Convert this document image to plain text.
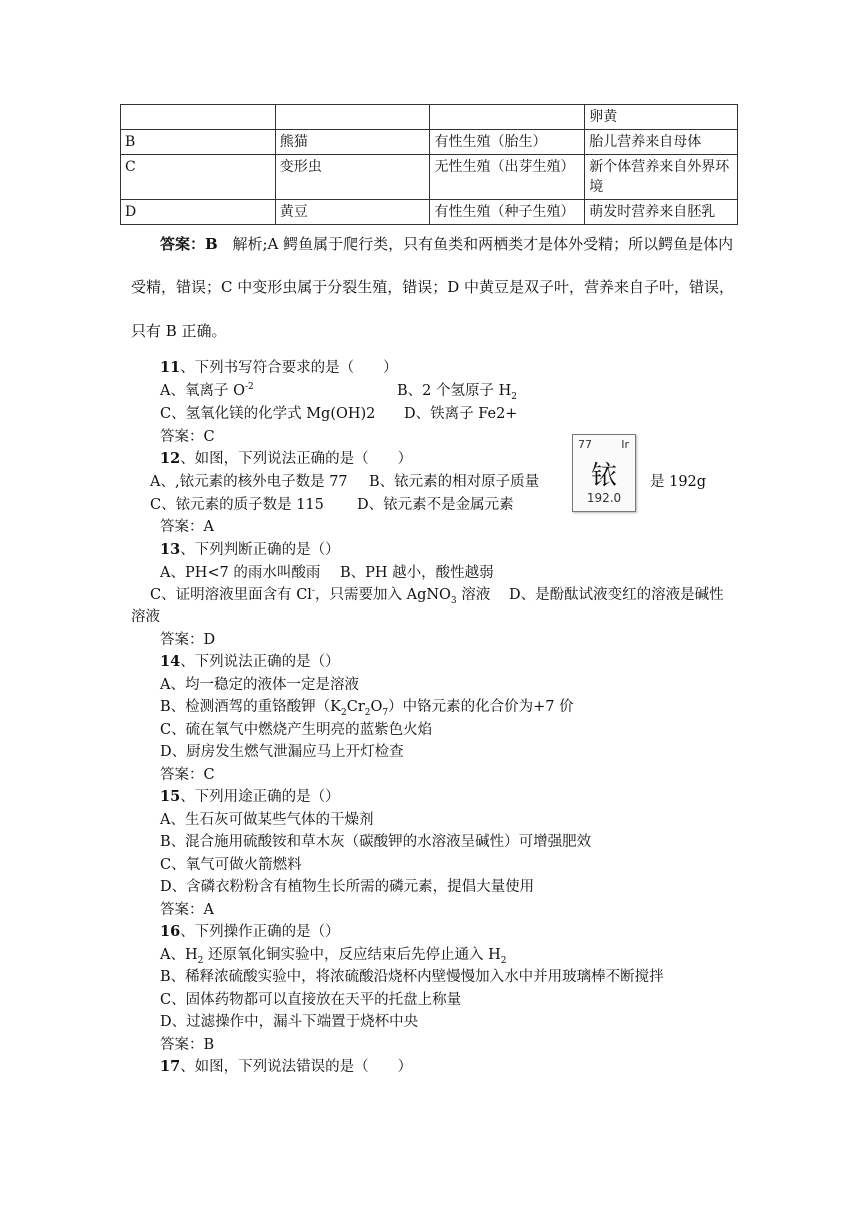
			卵黄
B	熊猫	有性生殖（胎生）	胎儿营养来自母体
C	变形虫	无性生殖（出芽生殖）	新个体营养来自外界环境
D	黄豆	有性生殖（种子生殖）	萌发时营养来自胚乳
答案：B 解析;A 鳄鱼属于爬行类，只有鱼类和两栖类才是体外受精；所以鳄鱼是体内
受精，错误；C 中变形虫属于分裂生殖，错误；D 中黄豆是双子叶，营养来自子叶，错误，
只有 B 正确。
11、下列书写符合要求的是（　　）
A、氧离子 $O^{-2}$	B、2 个氢原子 $H_2$
C、氢氧化镁的化学式 Mg(OH)2 D、铁离子 Fe2+
答案：C
12、如图，下列说法正确的是（　　）
A、,铱元素的核外电子数是 77 B、铱元素的相对原子质量	是 192g
C、铱元素的质子数是 115 D、铱元素不是金属元素
答案：A
77	Ir
铱
192.0
13、下列判断正确的是（）
A、PH<7 的雨水叫酸雨 B、PH 越小，酸性越弱
C、证明溶液里面含有 Cl-，只需要加入 AgNO$_3$ 溶液 D、是酚酞试液变红的溶液是碱性
溶液
答案：D
14、下列说法正确的是（）
A、均一稳定的液体一定是溶液
B、检测酒驾的重铬酸钾$(K_2Cr_2O_7)$中铬元素的化合价为+7 价
C、硫在氧气中燃烧产生明亮的蓝紫色火焰
D、厨房发生燃气泄漏应马上开灯检查
答案：C
15、下列用途正确的是（）
A、生石灰可做某些气体的干燥剂
B、混合施用硫酸铵和草木灰（碳酸钾的水溶液呈碱性）可增强肥效
C、氧气可做火箭燃料
D、含磷衣粉粉含有植物生长所需的磷元素，提倡大量使用
答案：A
16、下列操作正确的是（）
A、$H_2$ 还原氧化铜实验中，反应结束后先停止通入 $H_2$
B、稀释浓硫酸实验中，将浓硫酸沿烧杯内壁慢慢加入水中并用玻璃棒不断搅拌
C、固体药物都可以直接放在天平的托盘上称量
D、过滤操作中，漏斗下端置于烧杯中央
答案：B
17、如图，下列说法错误的是（　　）
